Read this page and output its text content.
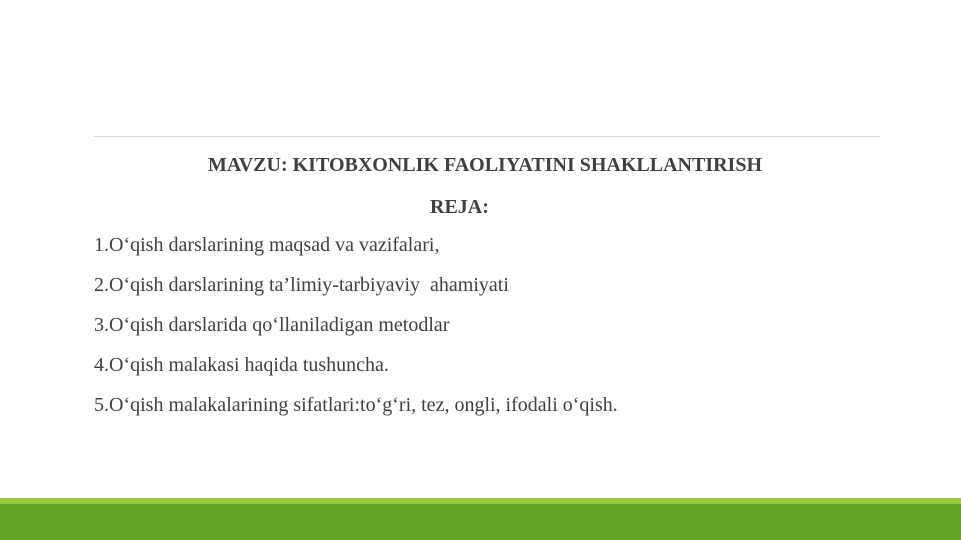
MAVZU: KITOBXONLIK FAOLIYATINI SHAKLLANTIRISH
REJA:
1.O‘qish darslarining maqsad va vazifalari,
2.O‘qish darslarining ta’limiy-tarbiyaviy  ahamiyati
3.O‘qish darslarida qo‘llaniladigan metodlar
4.O‘qish malakasi haqida tushuncha.
5.O‘qish malakalarining sifatlari:to‘g‘ri, tez, ongli, ifodali o‘qish.
